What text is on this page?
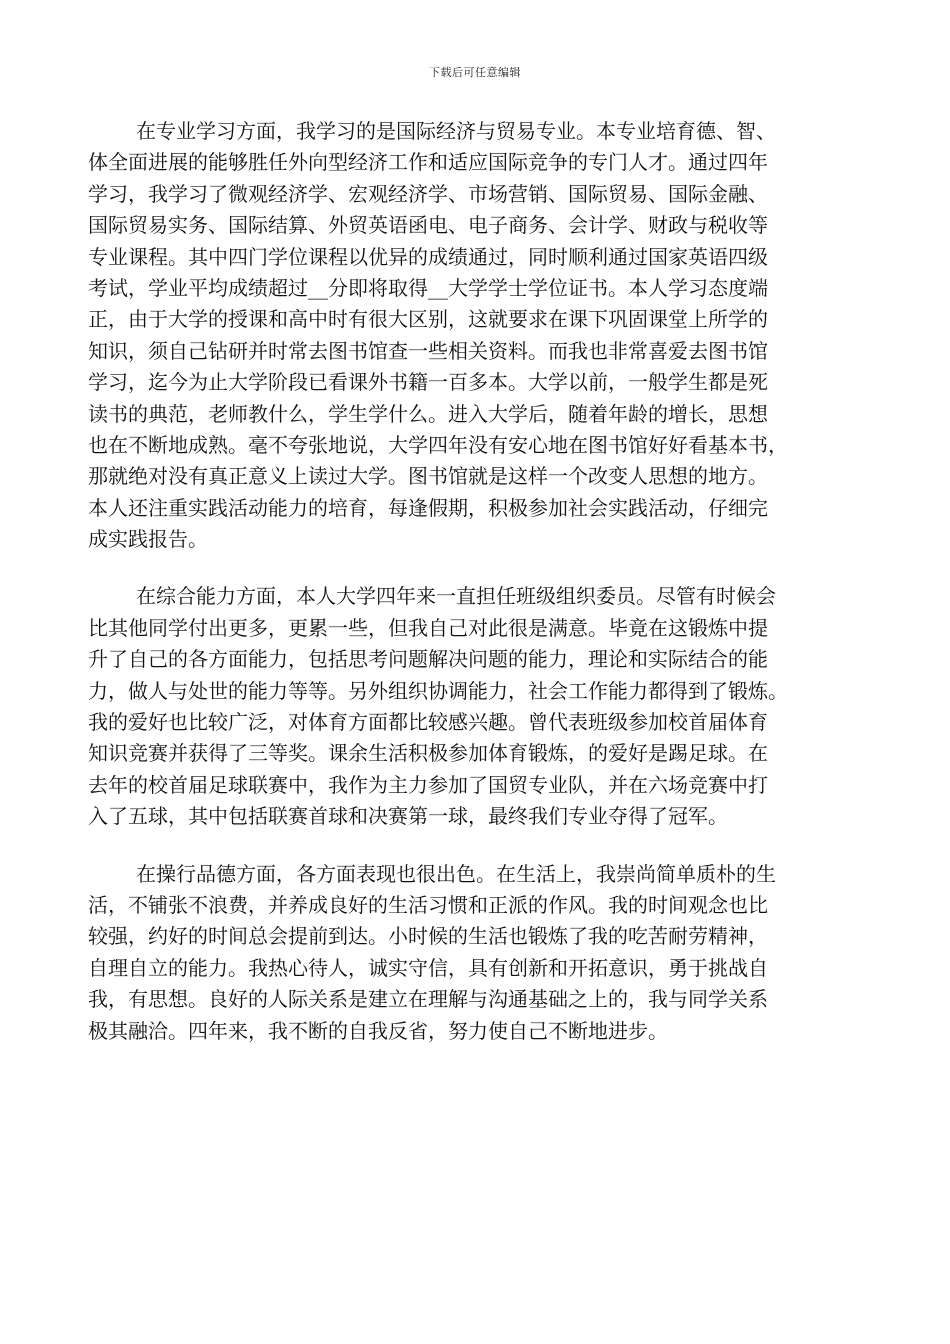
下载后可任意编辑
在专业学习方面，我学习的是国际经济与贸易专业。本专业培育德、智、
体全面进展的能够胜任外向型经济工作和适应国际竞争的专门人才。通过四年
学习，我学习了微观经济学、宏观经济学、市场营销、国际贸易、国际金融、
国际贸易实务、国际结算、外贸英语函电、电子商务、会计学、财政与税收等
专业课程。其中四门学位课程以优异的成绩通过，同时顺利通过国家英语四级
考试，学业平均成绩超过__分即将取得__大学学士学位证书。本人学习态度端
正，由于大学的授课和高中时有很大区别，这就要求在课下巩固课堂上所学的
知识，须自己钻研并时常去图书馆查一些相关资料。而我也非常喜爱去图书馆
学习，迄今为止大学阶段已看课外书籍一百多本。大学以前，一般学生都是死
读书的典范，老师教什么，学生学什么。进入大学后，随着年龄的增长，思想
也在不断地成熟。毫不夸张地说，大学四年没有安心地在图书馆好好看基本书，
那就绝对没有真正意义上读过大学。图书馆就是这样一个改变人思想的地方。
本人还注重实践活动能力的培育，每逢假期，积极参加社会实践活动，仔细完
成实践报告。
在综合能力方面，本人大学四年来一直担任班级组织委员。尽管有时候会
比其他同学付出更多，更累一些，但我自己对此很是满意。毕竟在这锻炼中提
升了自己的各方面能力，包括思考问题解决问题的能力，理论和实际结合的能
力，做人与处世的能力等等。另外组织协调能力，社会工作能力都得到了锻炼。
我的爱好也比较广泛，对体育方面都比较感兴趣。曾代表班级参加校首届体育
知识竞赛并获得了三等奖。课余生活积极参加体育锻炼，的爱好是踢足球。在
去年的校首届足球联赛中，我作为主力参加了国贸专业队，并在六场竞赛中打
入了五球，其中包括联赛首球和决赛第一球，最终我们专业夺得了冠军。
在操行品德方面，各方面表现也很出色。在生活上，我崇尚简单质朴的生
活，不铺张不浪费，并养成良好的生活习惯和正派的作风。我的时间观念也比
较强，约好的时间总会提前到达。小时候的生活也锻炼了我的吃苦耐劳精神，
自理自立的能力。我热心待人，诚实守信，具有创新和开拓意识，勇于挑战自
我，有思想。良好的人际关系是建立在理解与沟通基础之上的，我与同学关系
极其融洽。四年来，我不断的自我反省，努力使自己不断地进步。
